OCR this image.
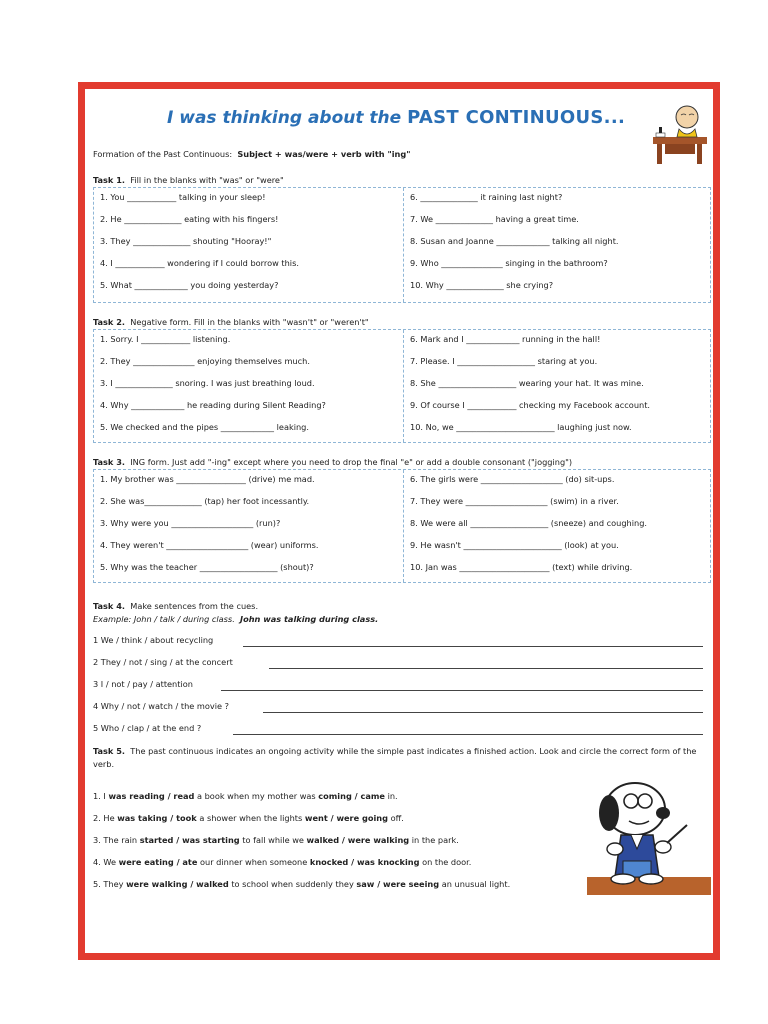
I was thinking about the PAST CONTINUOUS...
Formation of the Past Continuous: Subject + was/were + verb with "ing"
Task 1. Fill in the blanks with "was" or "were"
1. You ____________ talking in your sleep!
2. He ______________ eating with his fingers!
3. They ______________ shouting "Hooray!"
4. I ____________ wondering if I could borrow this.
5. What _____________ you doing yesterday?
6. ______________ it raining last night?
7. We ______________ having a great time.
8. Susan and Joanne _____________ talking all night.
9. Who _______________ singing in the bathroom?
10. Why ______________ she crying?
Task 2. Negative form. Fill in the blanks with "wasn't" or "weren't"
1. Sorry. I ____________ listening.
2. They _______________ enjoying themselves much.
3. I ______________ snoring. I was just breathing loud.
4. Why _____________ he reading during Silent Reading?
5. We checked and the pipes _____________ leaking.
6. Mark and I _____________ running in the hall!
7. Please. I ___________________ staring at you.
8. She ___________________ wearing your hat. It was mine.
9. Of course I ____________ checking my Facebook account.
10. No, we ________________________ laughing just now.
Task 3. ING form. Just add "-ing" except where you need to drop the final "e" or add a double consonant ("jogging")
1. My brother was _________________ (drive) me mad.
2. She was______________ (tap) her foot incessantly.
3. Why were you ____________________ (run)?
4. They weren't ____________________ (wear) uniforms.
5. Why was the teacher ___________________ (shout)?
6. The girls were ____________________ (do) sit-ups.
7. They were ____________________ (swim) in a river.
8. We were all ___________________ (sneeze) and coughing.
9. He wasn't ________________________ (look) at you.
10. Jan was ______________________ (text) while driving.
Task 4. Make sentences from the cues.
Example: John / talk / during class. John was talking during class.
1 We / think / about recycling
2 They / not / sing / at the concert
3 I / not / pay / attention
4 Why / not / watch / the movie ?
5 Who / clap / at the end ?
Task 5. The past continuous indicates an ongoing activity while the simple past indicates a finished action. Look and circle the correct form of the verb.
1. I was reading / read a book when my mother was coming / came in.
2. He was taking / took a shower when the lights went / were going off.
3. The rain started / was starting to fall while we walked / were walking in the park.
4. We were eating / ate our dinner when someone knocked / was knocking on the door.
5. They were walking / walked to school when suddenly they saw / were seeing an unusual light.
